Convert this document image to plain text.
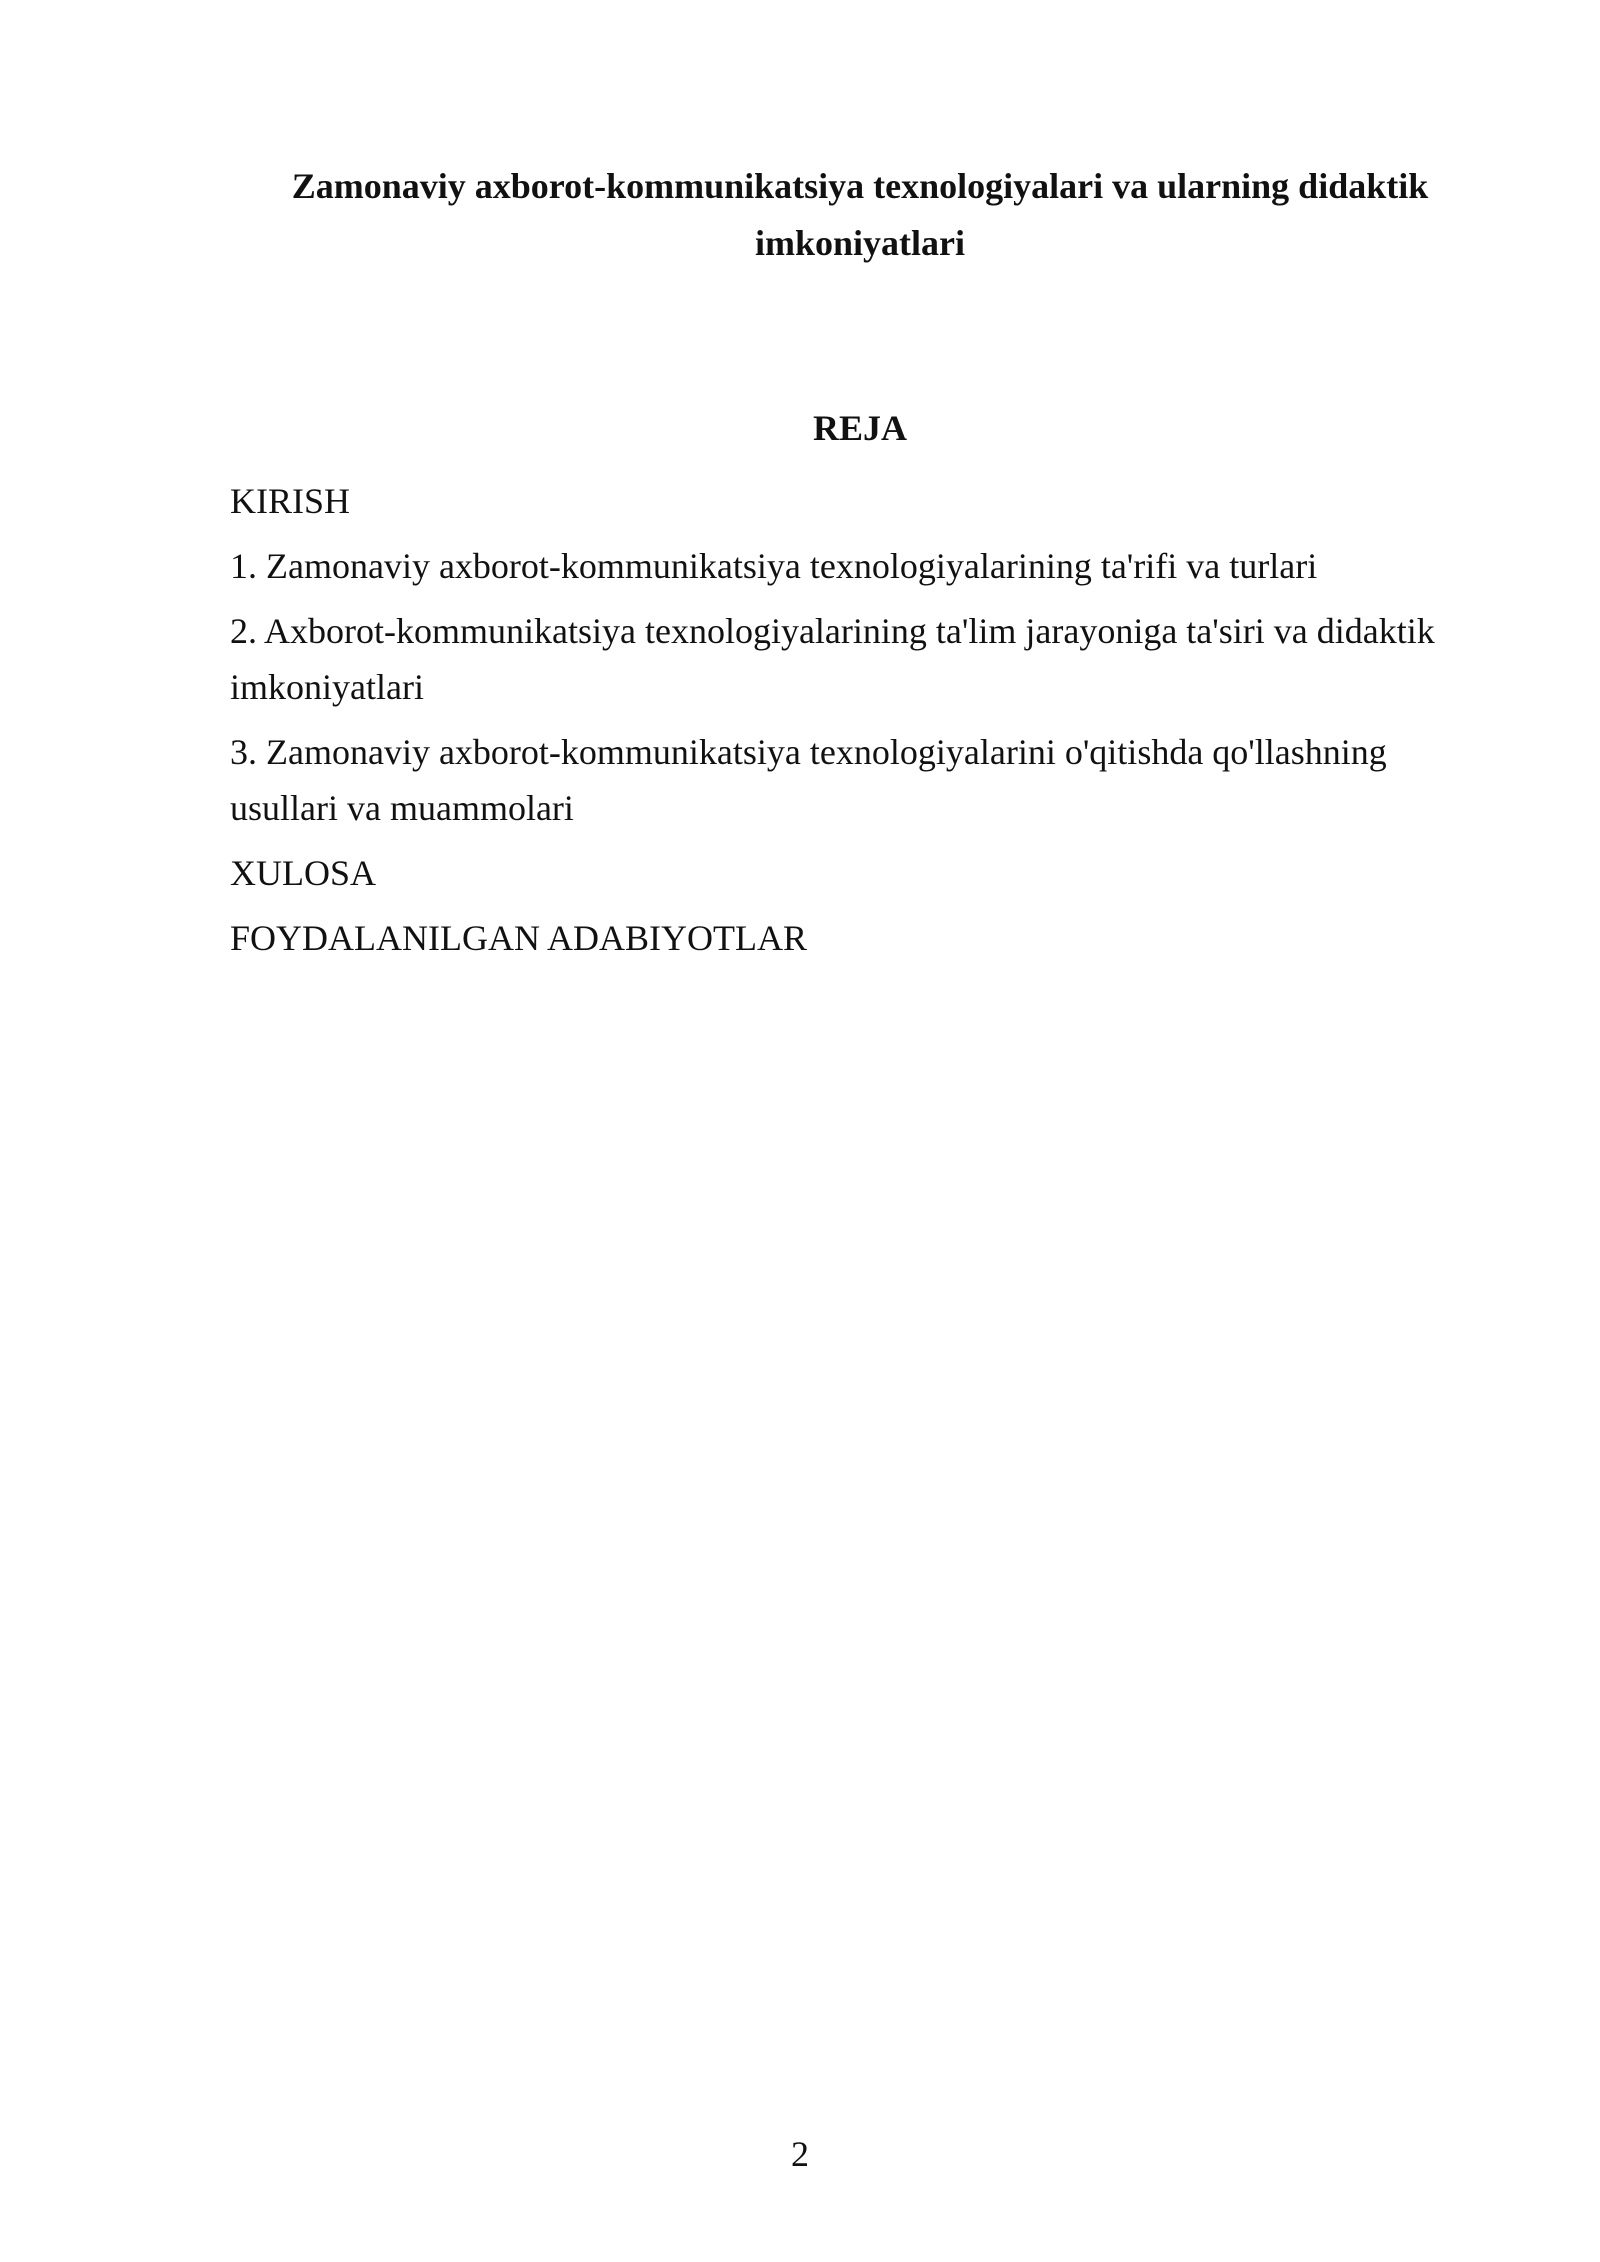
Zamonaviy axborot-kommunikatsiya texnologiyalari va ularning didaktik imkoniyatlari
REJA
KIRISH
1. Zamonaviy axborot-kommunikatsiya texnologiyalarining ta'rifi va turlari
2. Axborot-kommunikatsiya texnologiyalarining ta'lim jarayoniga ta'siri va didaktik imkoniyatlari
3. Zamonaviy axborot-kommunikatsiya texnologiyalarini o'qitishda qo'llashning usullari va muammolari
XULOSA
FOYDALANILGAN ADABIYOTLAR
2
